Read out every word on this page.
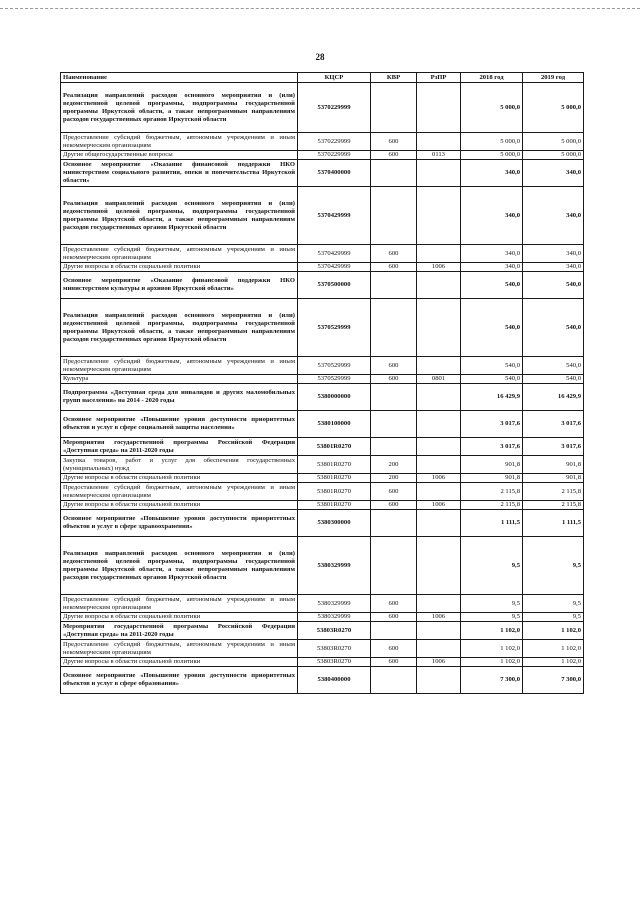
28
Наименование	КЦСР	КВР	РзПР	2018 год	2019 год
Реализация направлений расходов основного мероприятия и (или) ведомственной целевой программы, подпрограммы государственной программы Иркутской области, а также непрограммным направлениям расходов государственных органов Иркутской области	5370229999			5 000,0	5 000,0
Предоставление субсидий бюджетным, автономным учреждениям и иным некоммерческим организациям	5370229999	600		5 000,0	5 000,0
Другие общегосударственные вопросы	5370229999	600	0113	5 000,0	5 000,0
Основное мероприятие «Оказание финансовой поддержки НКО министерством социального развития, опеки и попечительства Иркутской области»	5370400000			340,0	340,0
Реализация направлений расходов основного мероприятия и (или) ведомственной целевой программы, подпрограммы государственной программы Иркутской области, а также непрограммным направлениям расходов государственных органов Иркутской области	5370429999			340,0	340,0
Предоставление субсидий бюджетным, автономным учреждениям и иным некоммерческим организациям	5370429999	600		340,0	340,0
Другие вопросы в области социальной политики	5370429999	600	1006	340,0	340,0
Основное мероприятие «Оказание финансовой поддержки НКО министерством культуры и архивов Иркутской области»	5370500000			540,0	540,0
Реализация направлений расходов основного мероприятия и (или) ведомственной целевой программы, подпрограммы государственной программы Иркутской области, а также непрограммным направлениям расходов государственных органов Иркутской области	5370529999			540,0	540,0
Предоставление субсидий бюджетным, автономным учреждениям и иным некоммерческим организациям	5370529999	600		540,0	540,0
Культура	5370529999	600	0801	540,0	540,0
Подпрограмма «Доступная среда для инвалидов и других маломобильных групп населения» на 2014 - 2020 годы	5380000000			16 429,9	16 429,9
Основное мероприятие «Повышение уровня доступности приоритетных объектов и услуг в сфере социальной защиты населения»	5380100000			3 017,6	3 017,6
Мероприятия государственной программы Российской Федерации «Доступная среда» на 2011-2020 годы	53801R0270			3 017,6	3 017,6
Закупка товаров, работ и услуг для обеспечения государственных (муниципальных) нужд	53801R0270	200		901,8	901,8
Другие вопросы в области социальной политики	53801R0270	200	1006	901,8	901,8
Предоставление субсидий бюджетным, автономным учреждениям и иным некоммерческим организациям	53801R0270	600		2 115,8	2 115,8
Другие вопросы в области социальной политики	53801R0270	600	1006	2 115,8	2 115,8
Основное мероприятие «Повышение уровня доступности приоритетных объектов и услуг в сфере здравоохранения»	5380300000			1 111,5	1 111,5
Реализация направлений расходов основного мероприятия и (или) ведомственной целевой программы, подпрограммы государственной программы Иркутской области, а также непрограммным направлениям расходов государственных органов Иркутской области	5380329999			9,5	9,5
Предоставление субсидий бюджетным, автономным учреждениям и иным некоммерческим организациям	5380329999	600		9,5	9,5
Другие вопросы в области социальной политики	5380329999	600	1006	9,5	9,5
Мероприятия государственной программы Российской Федерации «Доступная среда» на 2011-2020 годы	53803R0270			1 102,0	1 102,0
Предоставление субсидий бюджетным, автономным учреждениям и иным некоммерческим организациям	53803R0270	600		1 102,0	1 102,0
Другие вопросы в области социальной политики	53803R0270	600	1006	1 102,0	1 102,0
Основное мероприятие «Повышение уровня доступности приоритетных объектов и услуг в сфере образования»	5380400000			7 300,0	7 300,0
